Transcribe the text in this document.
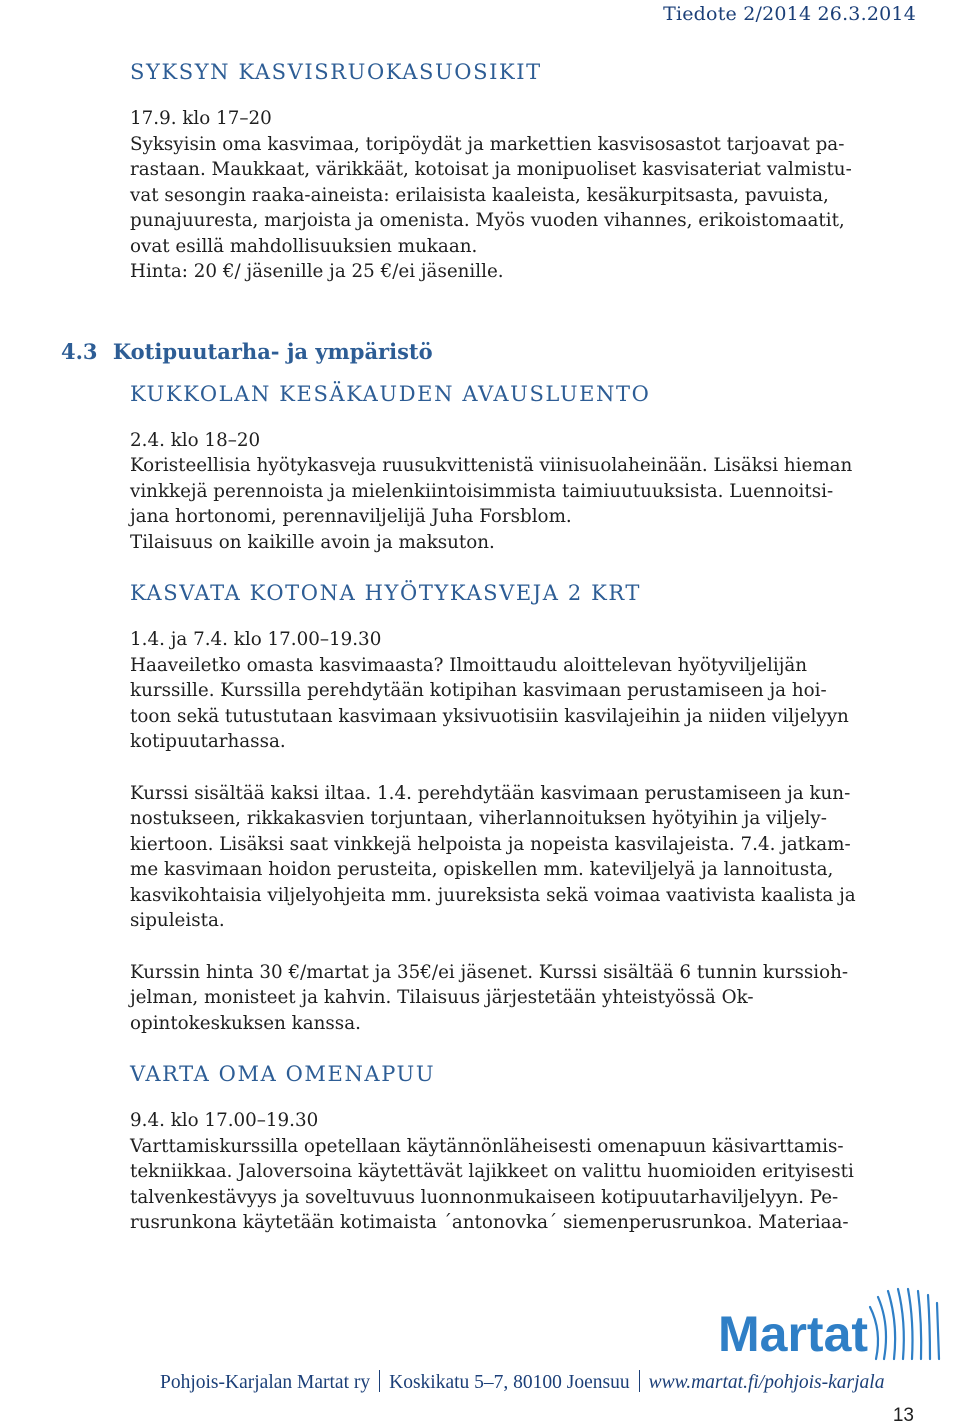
Tiedote 2/2014 26.3.2014
SYKSYN KASVISRUOKASUOSIKIT

17.9. klo 17–20

Syksyisin oma kasvimaa, toripöydät ja markettien kasvisosastot tarjoavat pa-

rastaan. Maukkaat, värikkäät, kotoisat ja monipuoliset kasvisateriat valmistu-

vat sesongin raaka-aineista: erilaisista kaaleista, kesäkurpitsasta, pavuista,

punajuuresta, marjoista ja omenista. Myös vuoden vihannes, erikoistomaatit,

ovat esillä mahdollisuuksien mukaan.

Hinta: 20 €/ jäsenille ja 25 €/ei jäsenille.

4.3 Kotipuutarha- ja ympäristö
KUKKOLAN KESÄKAUDEN AVAUSLUENTO

2.4. klo 18–20

Koristeellisia hyötykasveja ruusukvittenistä viinisuolaheinään. Lisäksi hieman

vinkkejä perennoista ja mielenkiintoisimmista taimiuutuuksista. Luennoitsi-

jana hortonomi, perennaviljelijä Juha Forsblom.

Tilaisuus on kaikille avoin ja maksuton.

KASVATA KOTONA HYÖTYKASVEJA 2 KRT

1.4. ja 7.4. klo 17.00–19.30

Haaveiletko omasta kasvimaasta? Ilmoittaudu aloittelevan hyötyviljelijän

kurssille. Kurssilla perehdytään kotipihan kasvimaan perustamiseen ja hoi-

toon sekä tutustutaan kasvimaan yksivuotisiin kasvilajeihin ja niiden viljelyyn

kotipuutarhassa.

Kurssi sisältää kaksi iltaa. 1.4. perehdytään kasvimaan perustamiseen ja kun-

nostukseen, rikkakasvien torjuntaan, viherlannoituksen hyötyihin ja viljely-

kiertoon. Lisäksi saat vinkkejä helpoista ja nopeista kasvilajeista. 7.4. jatkam-

me kasvimaan hoidon perusteita, opiskellen mm. kateviljelyä ja lannoitusta,

kasvikohtaisia viljelyohjeita mm. juureksista sekä voimaa vaativista kaalista ja

sipuleista.

Kurssin hinta 30 €/martat ja 35€/ei jäsenet. Kurssi sisältää 6 tunnin kurssioh-

jelman, monisteet ja kahvin. Tilaisuus järjestetään yhteistyössä Ok-

opintokeskuksen kanssa.

VARTA OMA OMENAPUU

9.4. klo 17.00–19.30

Varttamiskurssilla opetellaan käytännönläheisesti omenapuun käsivarttamis-

tekniikkaa. Jaloversoina käytettävät lajikkeet on valittu huomioiden erityisesti

talvenkestävyys ja soveltuvuus luonnonmukaiseen kotipuutarhaviljelyyn. Pe-

rusrunkona käytetään kotimaista ´antonovka´ siemenperusrunkoa. Materiaa-

Martat
Pohjois-Karjalan Martat ry Koskikatu 5–7, 80100 Joensuu www.martat.fi/pohjois-karjala
13
